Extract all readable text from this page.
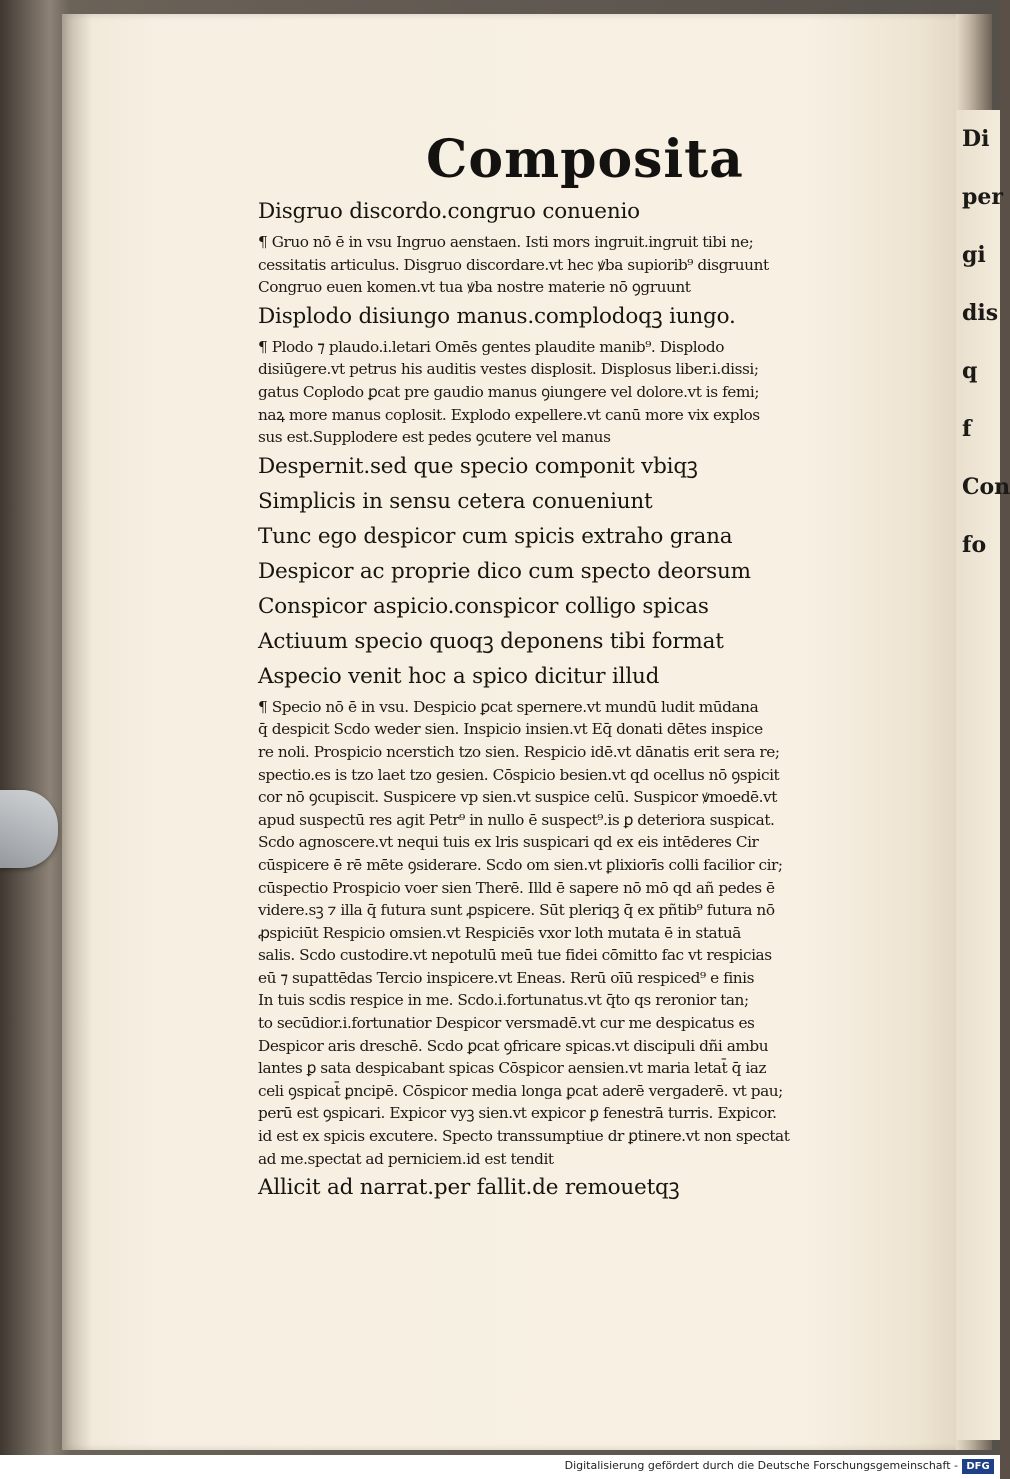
Di
per
gi
dis
q
f
Con
fo
Composita
Disgruo discordo.congruo conuenio
¶ Gruo nō ē in vsu Ingruo aenstaen. Isti mors ingruit.ingruit tibi ne;
cessitatis articulus. Disgruo discordare.vt hec ꝟba supiorib⁹ disgruunt
Congruo euen komen.vt tua ꝟba nostre materie nō ꝯgruunt
Displodo disiungo manus.complodoqꝫ iungo.
¶ Plodo ⁊ plaudo.i.letari Omēs gentes plaudite manib⁹. Displodo
disiūgere.vt petrus his auditis vestes displosit. Displosus liber.i.dissi;
gatus Coplodo ꝑcat pre gaudio manus ꝯiungere vel dolore.vt is femi;
naꝝ more manus coplosit. Explodo expellere.vt canū more vix explos
sus est.Supplodere est pedes ꝯcutere vel manus
Despernit.sed que specio componit vbiqꝫ
Simplicis in sensu cetera conueniunt
Tunc ego despicor cum spicis extraho grana
Despicor ac proprie dico cum specto deorsum
Conspicor aspicio.conspicor colligo spicas
Actiuum specio quoqꝫ deponens tibi format
Aspecio venit hoc a spico dicitur illud
¶ Specio nō ē in vsu. Despicio ꝑcat spernere.vt mundū ludit mūdana
q̄ despicit Scdo weder sien. Inspicio insien.vt Eq̄ donati dētes inspice
re noli. Prospicio ncerstich tzo sien. Respicio idē.vt dānatis erit sera re;
spectio.es is tzo laet tzo gesien. Cōspicio besien.vt qd ocellus nō ꝯspicit
cor nō ꝯcupiscit. Suspicere vp sien.vt suspice celū. Suspicor ꝟmoedē.vt
apud suspectū res agit Petr⁹ in nullo ē suspect⁹.is ꝑ deteriora suspicat.
Scdo agnoscere.vt nequi tuis ex lris suspicari qd ex eis intēderes Cir
cūspicere ē rē mēte ꝯsiderare. Scdo om sien.vt ꝑlixiorīs colli facilior cir;
cūspectio Prospicio voer sien Therē. Illd ē sapere nō mō qd añ pedes ē
videre.sꝫ ⁊ illa q̄ futura sunt ꝓspicere. Sūt pleriqꝫ q̄ ex pñtib⁹ futura nō
ꝓspiciūt Respicio omsien.vt Respiciēs vxor loth mutata ē in statuā
salis. Scdo custodire.vt nepotulū meū tue fidei cōmitto fac vt respicias
eū ⁊ supattēdas Tercio inspicere.vt Eneas. Rerū oīū respiced⁹ e finis
In tuis scdis respice in me. Scdo.i.fortunatus.vt q̄to qs reronior tan;
to secūdior.i.fortunatior Despicor versmadē.vt cur me despicatus es
Despicor aris dreschē. Scdo ꝑcat ꝯfricare spicas.vt discipuli dñi ambu
lantes ꝑ sata despicabant spicas Cōspicor aensien.vt maria letat̄ q̄ iaz
celi ꝯspicat̄ ꝑncipē. Cōspicor media longa ꝑcat aderē vergaderē. vt pau;
perū est ꝯspicari. Expicor vyꝫ sien.vt expicor ꝑ fenestrā turris. Expicor.
id est ex spicis excutere. Specto transsumptiue dr ꝑtinere.vt non spectat
ad me.spectat ad perniciem.id est tendit
Allicit ad narrat.per fallit.de remouetqꝫ
Digitalisierung gefördert durch die Deutsche Forschungsgemeinschaft - DFG
